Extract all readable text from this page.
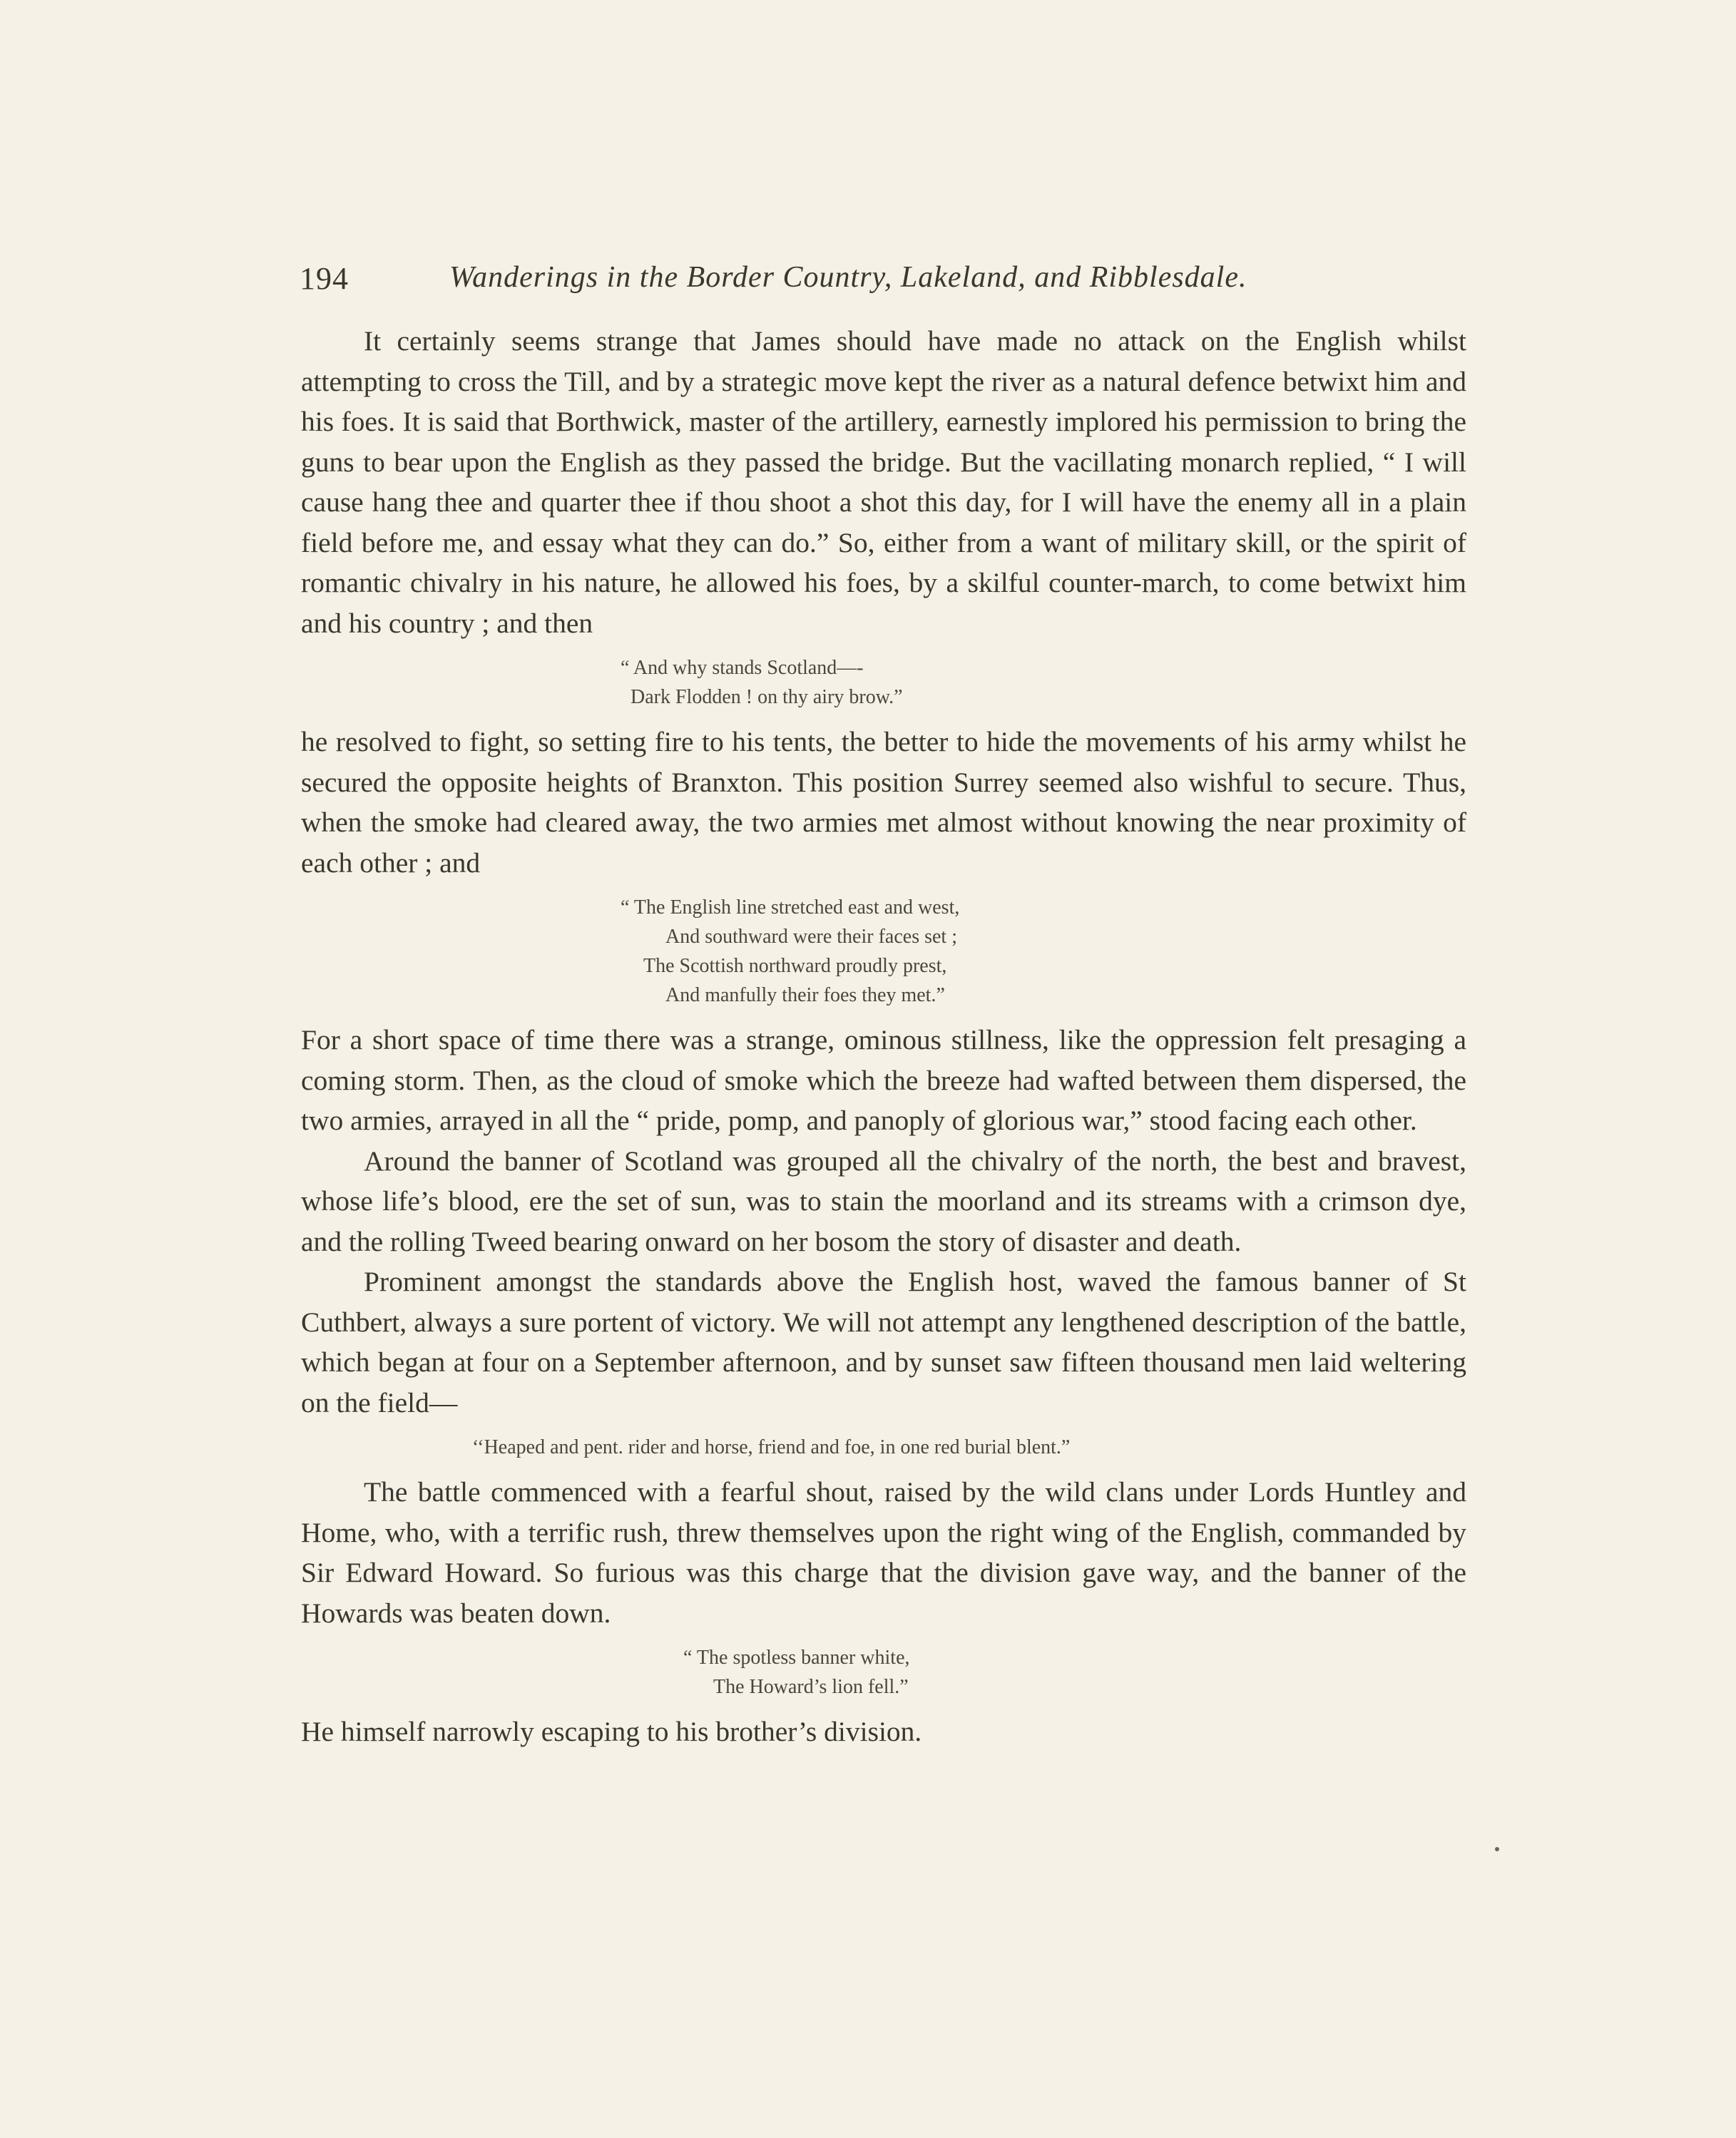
194	Wanderings in the Border Country, Lakeland, and Ribblesdale.

It certainly seems strange that James should have made no attack on the English whilst attempting to cross the Till, and by a strategic move kept the river as a natural defence betwixt him and his foes. It is said that Borthwick, master of the artillery, earnestly implored his permission to bring the guns to bear upon the English as they passed the bridge. But the vacillating monarch replied, “ I will cause hang thee and quarter thee if thou shoot a shot this day, for I will have the enemy all in a plain field before me, and essay what they can do.” So, either from a want of military skill, or the spirit of romantic chivalry in his nature, he allowed his foes, by a skilful counter-march, to come betwixt him and his country ; and then

“ And why stands Scotland—-
Dark Flodden ! on thy airy brow.”

he resolved to fight, so setting fire to his tents, the better to hide the movements of his army whilst he secured the opposite heights of Branxton. This position Surrey seemed also wishful to secure. Thus, when the smoke had cleared away, the two armies met almost without knowing the near proximity of each other ; and

“ The English line stretched east and west,
And southward were their faces set ;
The Scottish northward proudly prest,
And manfully their foes they met.”

For a short space of time there was a strange, ominous stillness, like the oppression felt presaging a coming storm. Then, as the cloud of smoke which the breeze had wafted between them dispersed, the two armies, arrayed in all the “ pride, pomp, and panoply of glorious war,” stood facing each other.

Around the banner of Scotland was grouped all the chivalry of the north, the best and bravest, whose life’s blood, ere the set of sun, was to stain the moorland and its streams with a crimson dye, and the rolling Tweed bearing onward on her bosom the story of disaster and death.

Prominent amongst the standards above the English host, waved the famous banner of St Cuthbert, always a sure portent of victory. We will not attempt any lengthened description of the battle, which began at four on a September afternoon, and by sunset saw fifteen thousand men laid weltering on the field—

‘‘Heaped and pent. rider and horse, friend and foe, in one red burial blent.”

The battle commenced with a fearful shout, raised by the wild clans under Lords Huntley and Home, who, with a terrific rush, threw themselves upon the right wing of the English, commanded by Sir Edward Howard. So furious was this charge that the division gave way, and the banner of the Howards was beaten down.

“ The spotless banner white,
The Howard’s lion fell.”

He himself narrowly escaping to his brother’s division.
